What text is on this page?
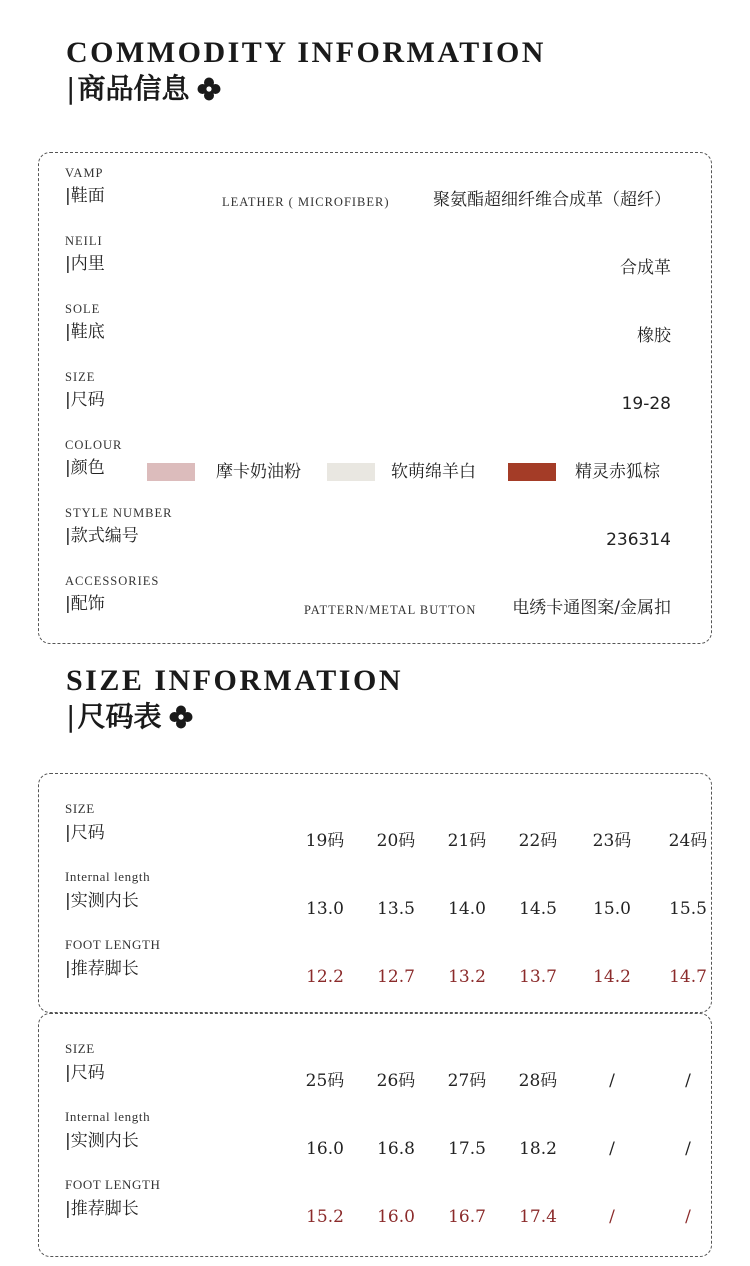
COMMODITY INFORMATION
| 商品信息
VAMP
|鞋面	LEATHER ( MICROFIBER)	聚氨酯超细纤维合成革（超纤）
NEILI
|内里	合成革
SOLE
|鞋底	橡胶
SIZE
|尺码	19-28
COLOUR
|颜色	摩卡奶油粉	软萌绵羊白	精灵赤狐棕
STYLE NUMBER
|款式编号	236314
ACCESSORIES
|配饰	PATTERN/METAL BUTTON 电绣卡通图案/金属扣
SIZE INFORMATION
| 尺码表
SIZE
|尺码	19码	20码	21码	22码	23码	24码
Internal length
|实测内长	13.0	13.5	14.0	14.5	15.0	15.5
FOOT LENGTH
|推荐脚长	12.2	12.7	13.2	13.7	14.2	14.7
SIZE
|尺码	25码	26码	27码	28码	/	/
Internal length
|实测内长	16.0	16.8	17.5	18.2	/	/
FOOT LENGTH
|推荐脚长	15.2	16.0	16.7	17.4	/	/
